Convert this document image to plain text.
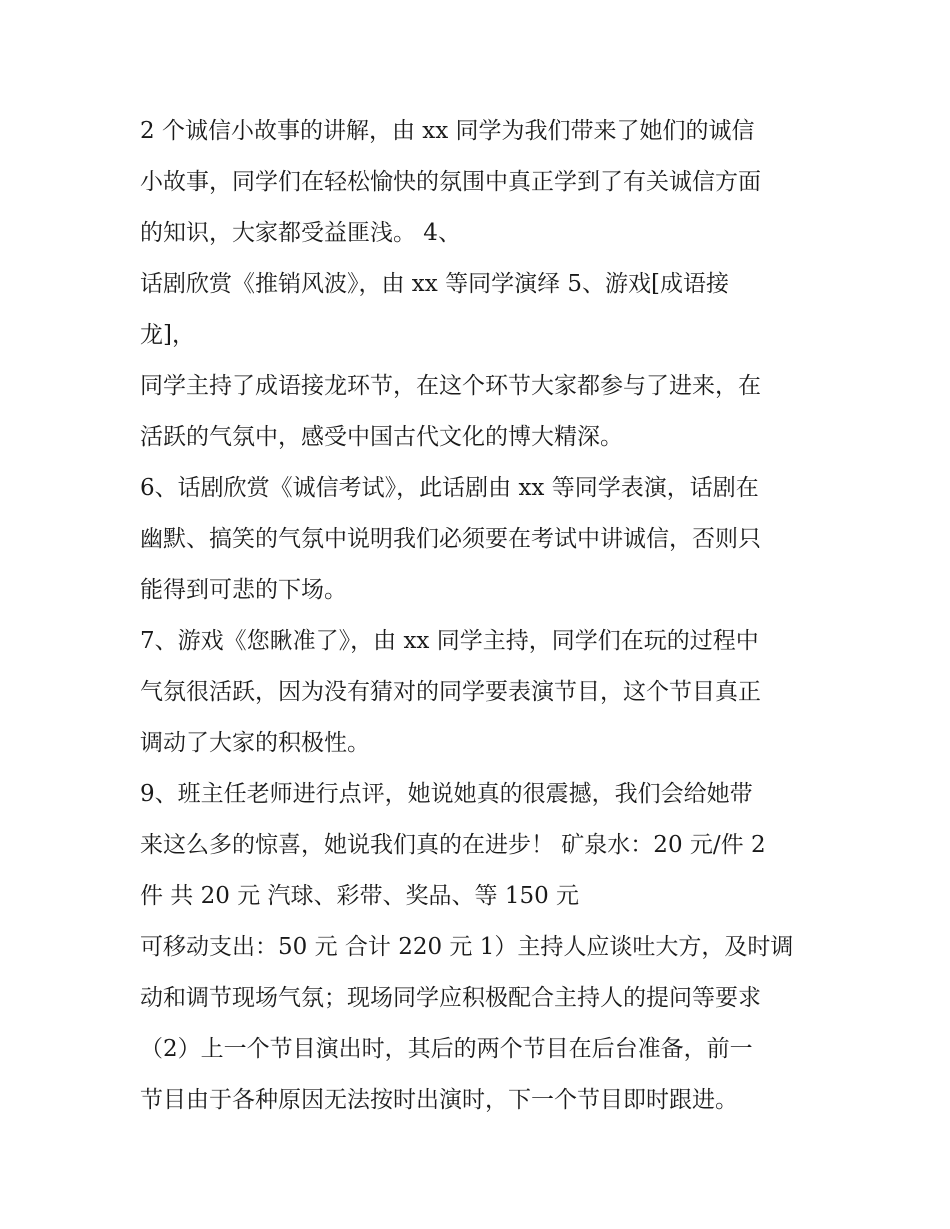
2 个诚信小故事的讲解，由 xx 同学为我们带来了她们的诚信
小故事，同学们在轻松愉快的氛围中真正学到了有关诚信方面
的知识，大家都受益匪浅。 4、
话剧欣赏《推销风波》，由 xx 等同学演绎 5、游戏[成语接
龙]，
同学主持了成语接龙环节，在这个环节大家都参与了进来，在
活跃的气氛中，感受中国古代文化的博大精深。
6、话剧欣赏《诚信考试》，此话剧由 xx 等同学表演，话剧在
幽默、搞笑的气氛中说明我们必须要在考试中讲诚信，否则只
能得到可悲的下场。
7、游戏《您瞅准了》，由 xx 同学主持，同学们在玩的过程中
气氛很活跃，因为没有猜对的同学要表演节目，这个节目真正
调动了大家的积极性。
9、班主任老师进行点评，她说她真的很震撼，我们会给她带
来这么多的惊喜，她说我们真的在进步！ 矿泉水：20 元/件 2
件 共 20 元 汽球、彩带、奖品、等 150 元
可移动支出：50 元 合计 220 元 1）主持人应谈吐大方，及时调
动和调节现场气氛；现场同学应积极配合主持人的提问等要求
（2）上一个节目演出时，其后的两个节目在后台准备，前一
节目由于各种原因无法按时出演时，下一个节目即时跟进。
